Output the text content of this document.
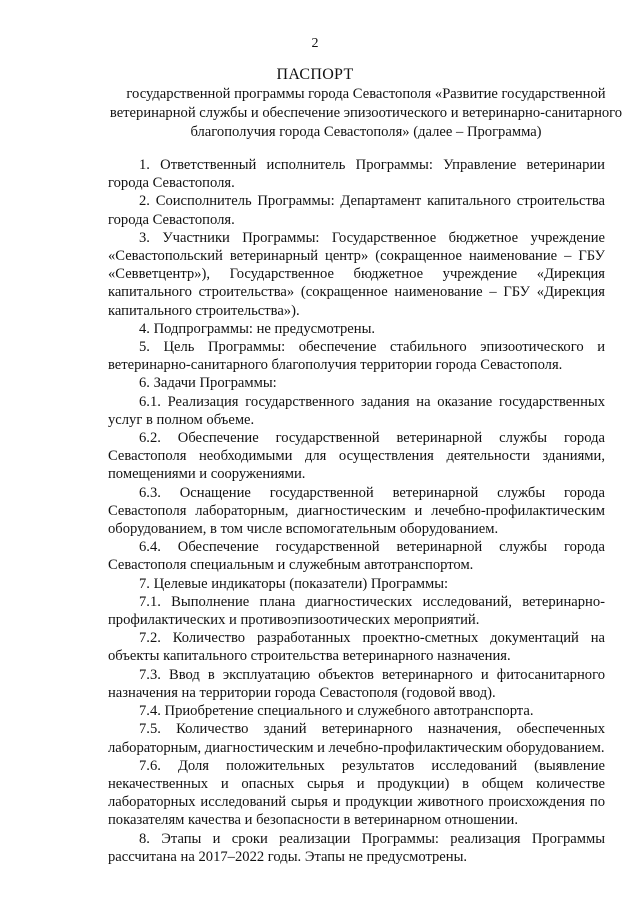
2
ПАСПОРТ
государственной программы города Севастополя «Развитие государственной ветеринарной службы и обеспечение эпизоотического и ветеринарно-санитарного благополучия города Севастополя» (далее – Программа)

1. Ответственный исполнитель Программы: Управление ветеринарии города Севастополя.

2. Соисполнитель Программы: Департамент капитального строительства города Севастополя.

3. Участники Программы: Государственное бюджетное учреждение «Севастопольский ветеринарный центр» (сокращенное наименование – ГБУ «Севветцентр»), Государственное бюджетное учреждение «Дирекция капитального строительства» (сокращенное наименование – ГБУ «Дирекция капитального строительства»).

4. Подпрограммы: не предусмотрены.

5. Цель Программы: обеспечение стабильного эпизоотического и ветеринарно-санитарного благополучия территории города Севастополя.

6. Задачи Программы:

6.1. Реализация государственного задания на оказание государственных услуг в полном объеме.

6.2. Обеспечение государственной ветеринарной службы города Севастополя необходимыми для осуществления деятельности зданиями, помещениями и сооружениями.

6.3. Оснащение государственной ветеринарной службы города Севастополя лабораторным, диагностическим и лечебно-профилактическим оборудованием, в том числе вспомогательным оборудованием.

6.4. Обеспечение государственной ветеринарной службы города Севастополя специальным и служебным автотранспортом.

7. Целевые индикаторы (показатели) Программы:

7.1. Выполнение плана диагностических исследований, ветеринарно-профилактических и противоэпизоотических мероприятий.

7.2. Количество разработанных проектно-сметных документаций на объекты капитального строительства ветеринарного назначения.

7.3. Ввод в эксплуатацию объектов ветеринарного и фитосанитарного назначения на территории города Севастополя (годовой ввод).

7.4. Приобретение специального и служебного автотранспорта.

7.5. Количество зданий ветеринарного назначения, обеспеченных лабораторным, диагностическим и лечебно-профилактическим оборудованием.

7.6. Доля положительных результатов исследований (выявление некачественных и опасных сырья и продукции) в общем количестве лабораторных исследований сырья и продукции животного происхождения по показателям качества и безопасности в ветеринарном отношении.

8. Этапы и сроки реализации Программы: реализация Программы рассчитана на 2017–2022 годы. Этапы не предусмотрены.
